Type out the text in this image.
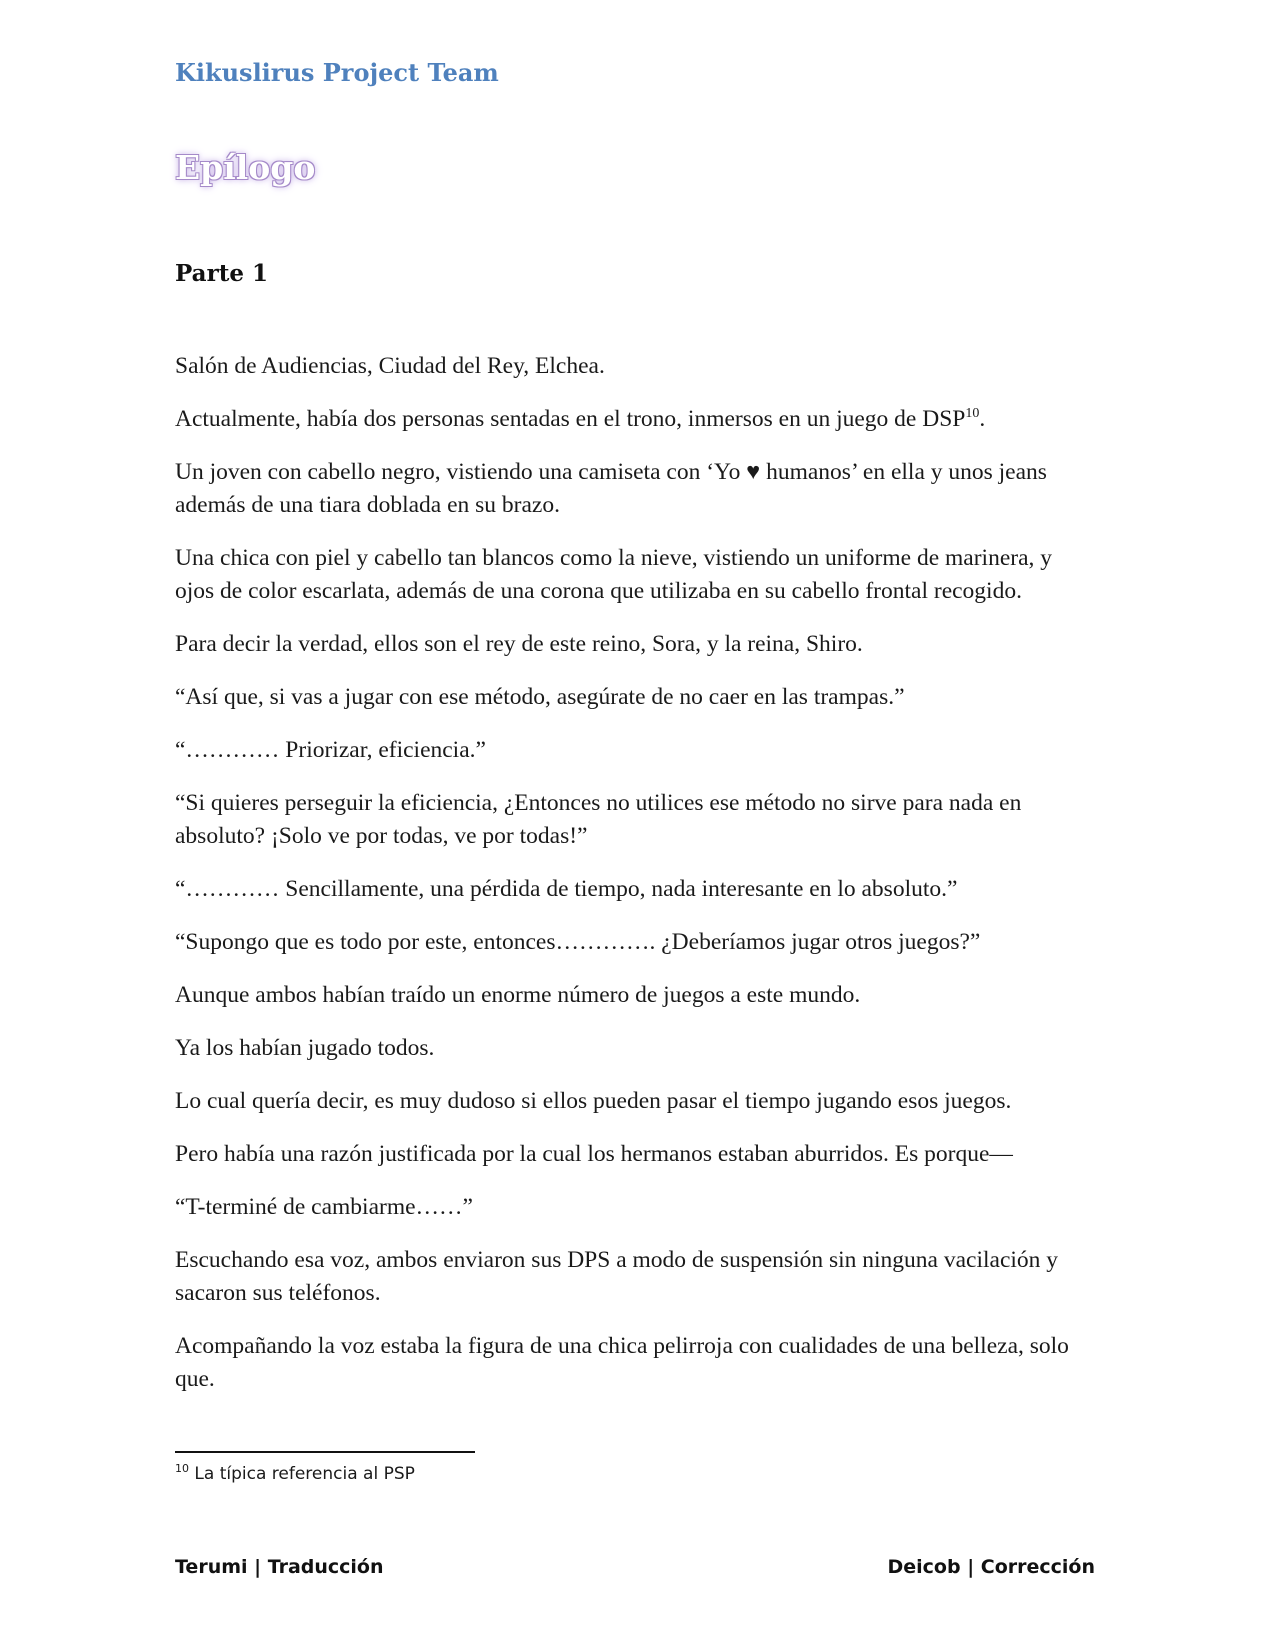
Kikuslirus Project Team
Epílogo
Parte 1

Salón de Audiencias, Ciudad del Rey, Elchea.

Actualmente, había dos personas sentadas en el trono, inmersos en un juego de DSP$^{10}$.

Un joven con cabello negro, vistiendo una camiseta con ‘Yo ♥ humanos’ en ella y unos jeans además de una tiara doblada en su brazo.

Una chica con piel y cabello tan blancos como la nieve, vistiendo un uniforme de marinera, y ojos de color escarlata, además de una corona que utilizaba en su cabello frontal recogido.

Para decir la verdad, ellos son el rey de este reino, Sora, y la reina, Shiro.

“Así que, si vas a jugar con ese método, asegúrate de no caer en las trampas.”

“………… Priorizar, eficiencia.”

“Si quieres perseguir la eficiencia, ¿Entonces no utilices ese método no sirve para nada en absoluto? ¡Solo ve por todas, ve por todas!”

“………… Sencillamente, una pérdida de tiempo, nada interesante en lo absoluto.”

“Supongo que es todo por este, entonces…………. ¿Deberíamos jugar otros juegos?”

Aunque ambos habían traído un enorme número de juegos a este mundo.

Ya los habían jugado todos.

Lo cual quería decir, es muy dudoso si ellos pueden pasar el tiempo jugando esos juegos.

Pero había una razón justificada por la cual los hermanos estaban aburridos. Es porque—

“T-terminé de cambiarme……”

Escuchando esa voz, ambos enviaron sus DPS a modo de suspensión sin ninguna vacilación y sacaron sus teléfonos.

Acompañando la voz estaba la figura de una chica pelirroja con cualidades de una belleza, solo que.

$^{10}$ La típica referencia al PSP
Terumi | Traducción	Deicob | Corrección
